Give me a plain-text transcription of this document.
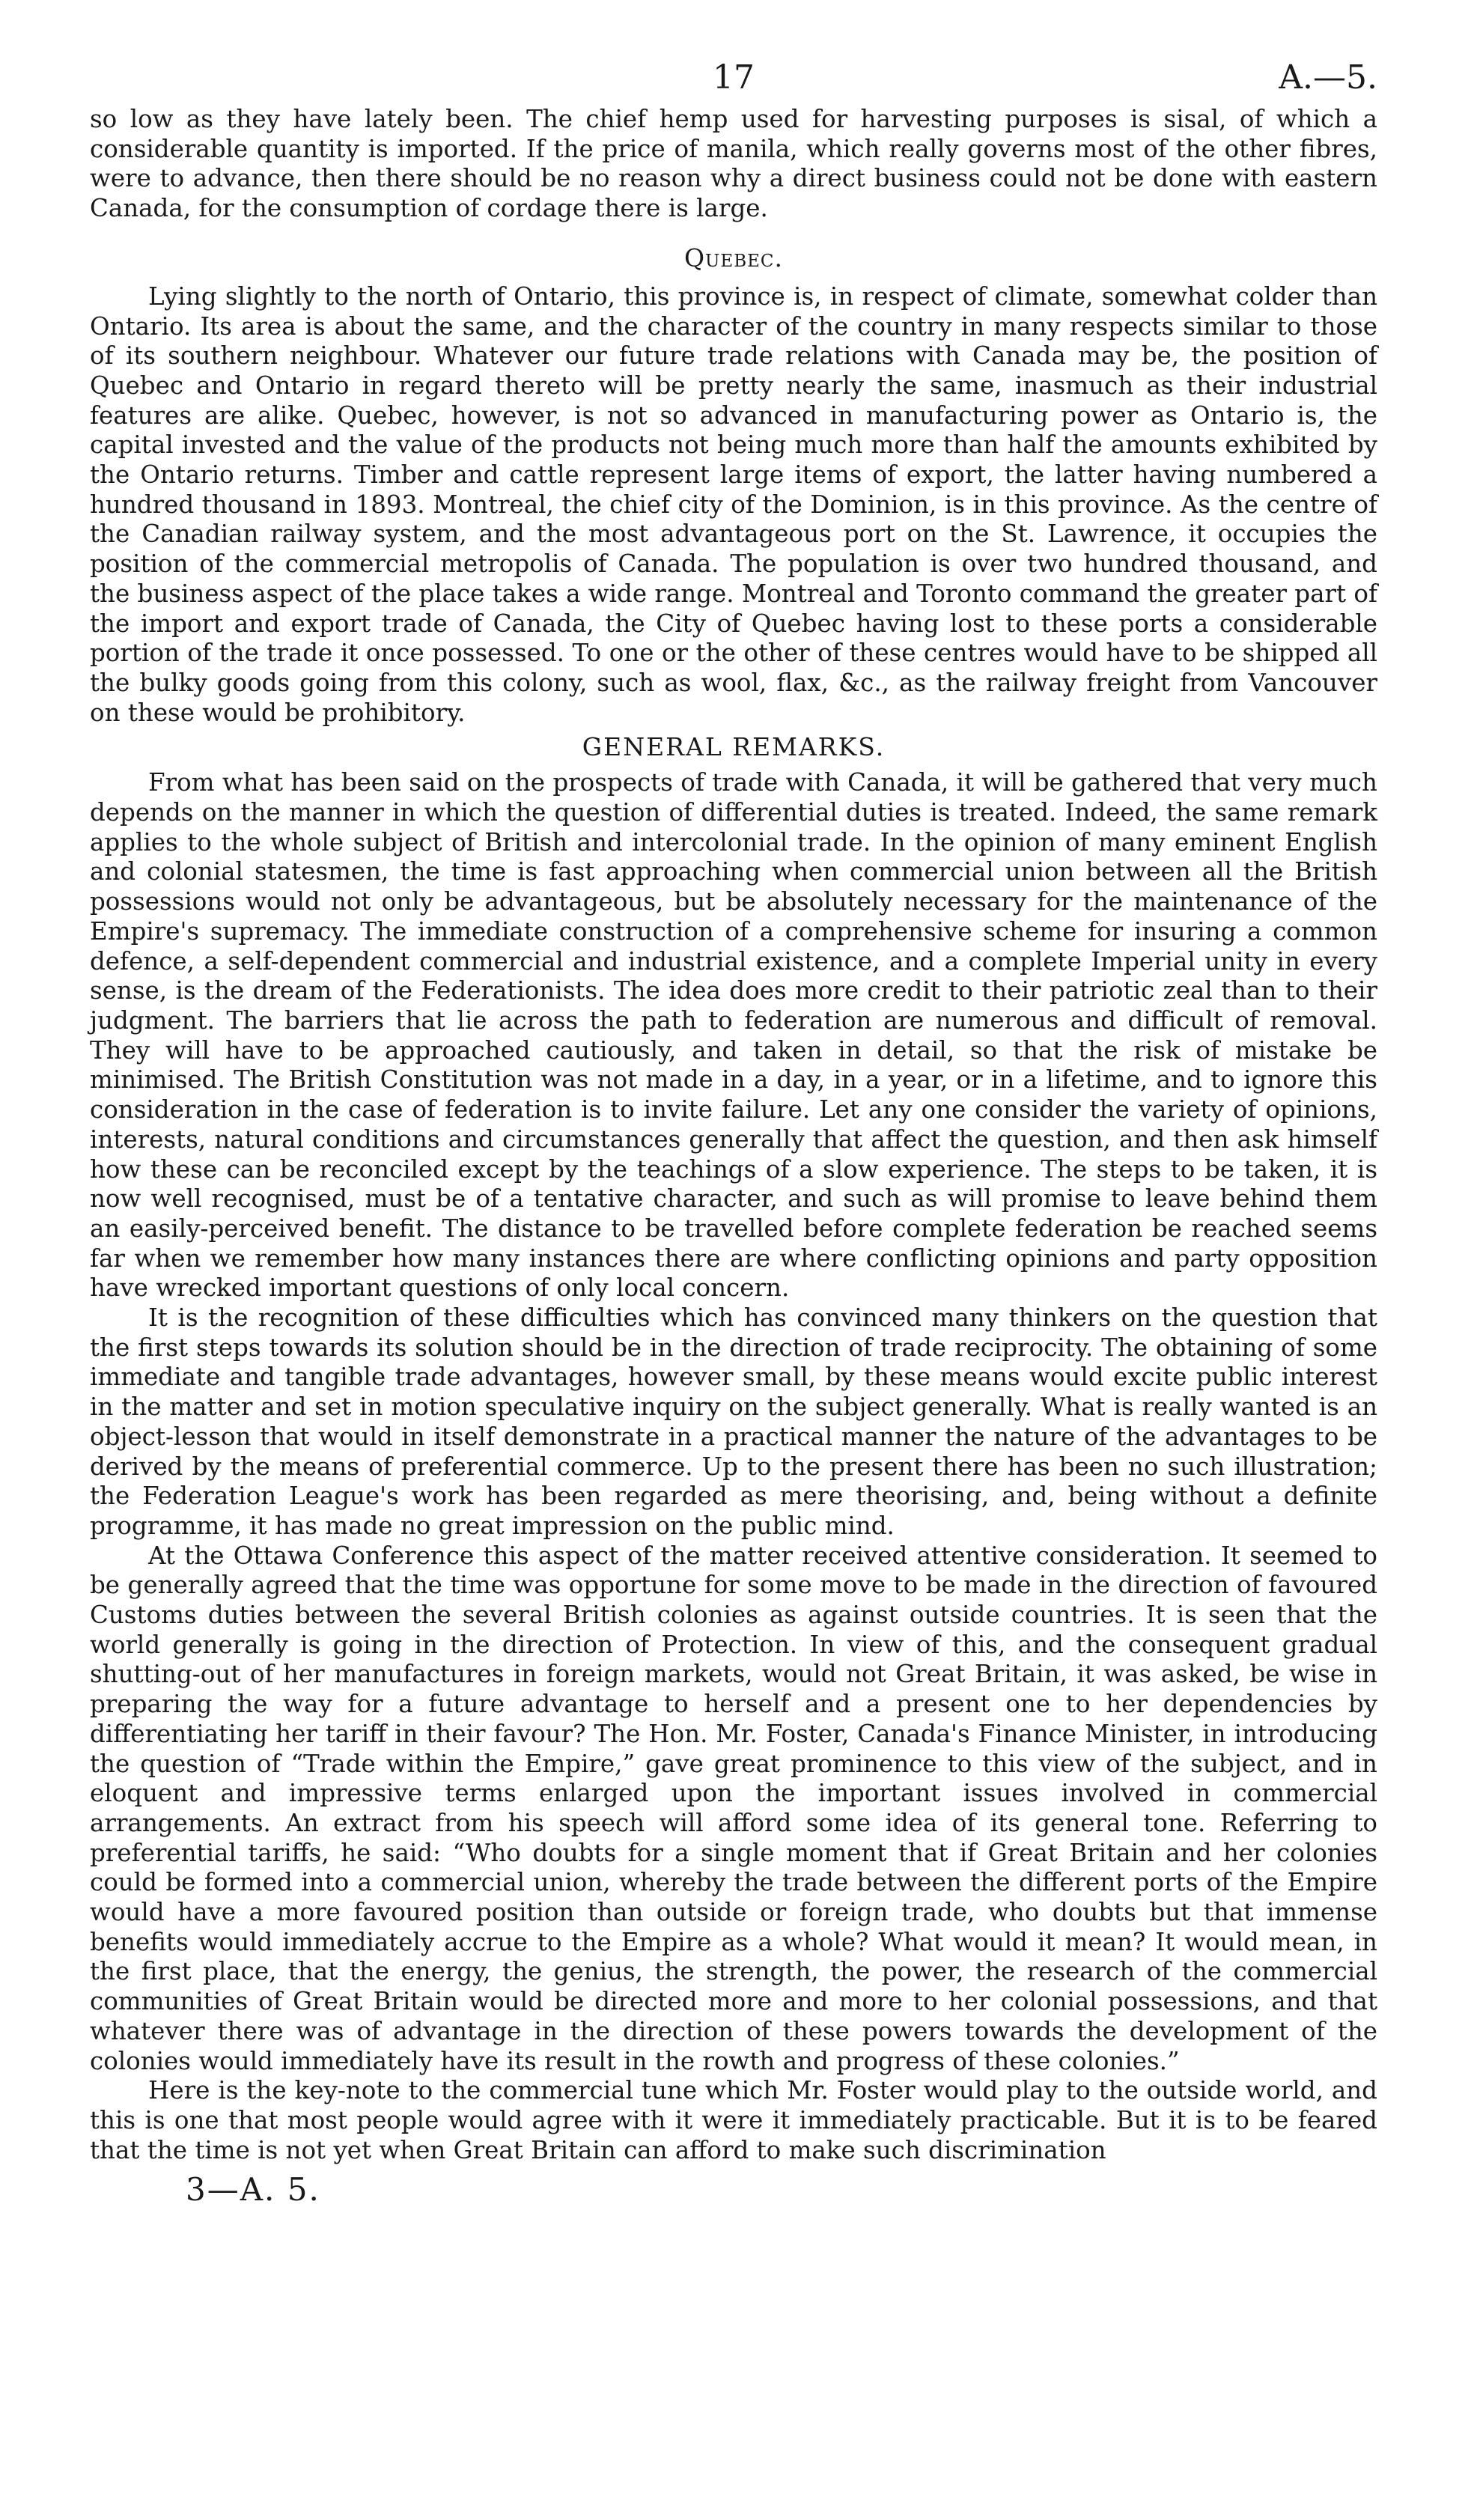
17	A.—5.

so low as they have lately been. The chief hemp used for harvesting purposes is sisal, of which a considerable quantity is imported. If the price of manila, which really governs most of the other fibres, were to advance, then there should be no reason why a direct business could not be done with eastern Canada, for the consumption of cordage there is large.

Quebec.

Lying slightly to the north of Ontario, this province is, in respect of climate, somewhat colder than Ontario. Its area is about the same, and the character of the country in many respects similar to those of its southern neighbour. Whatever our future trade relations with Canada may be, the position of Quebec and Ontario in regard thereto will be pretty nearly the same, inasmuch as their industrial features are alike. Quebec, however, is not so advanced in manufacturing power as Ontario is, the capital invested and the value of the products not being much more than half the amounts exhibited by the Ontario returns. Timber and cattle represent large items of export, the latter having numbered a hundred thousand in 1893. Montreal, the chief city of the Dominion, is in this province. As the centre of the Canadian railway system, and the most advantageous port on the St. Lawrence, it occupies the position of the commercial metropolis of Canada. The population is over two hundred thousand, and the business aspect of the place takes a wide range. Montreal and Toronto command the greater part of the import and export trade of Canada, the City of Quebec having lost to these ports a considerable portion of the trade it once possessed. To one or the other of these centres would have to be shipped all the bulky goods going from this colony, such as wool, flax, &c., as the railway freight from Vancouver on these would be prohibitory.

GENERAL REMARKS.

From what has been said on the prospects of trade with Canada, it will be gathered that very much depends on the manner in which the question of differential duties is treated. Indeed, the same remark applies to the whole subject of British and intercolonial trade. In the opinion of many eminent English and colonial statesmen, the time is fast approaching when commercial union between all the British possessions would not only be advantageous, but be absolutely necessary for the maintenance of the Empire's supremacy. The immediate construction of a comprehensive scheme for insuring a common defence, a self-dependent commercial and industrial existence, and a complete Imperial unity in every sense, is the dream of the Federationists. The idea does more credit to their patriotic zeal than to their judgment. The barriers that lie across the path to federation are numerous and difficult of removal. They will have to be approached cautiously, and taken in detail, so that the risk of mistake be minimised. The British Constitution was not made in a day, in a year, or in a lifetime, and to ignore this consideration in the case of federation is to invite failure. Let any one consider the variety of opinions, interests, natural conditions and circumstances generally that affect the question, and then ask himself how these can be reconciled except by the teachings of a slow experience. The steps to be taken, it is now well recognised, must be of a tentative character, and such as will promise to leave behind them an easily-perceived benefit. The distance to be travelled before complete federation be reached seems far when we remember how many instances there are where conflicting opinions and party opposition have wrecked important questions of only local concern.

It is the recognition of these difficulties which has convinced many thinkers on the question that the first steps towards its solution should be in the direction of trade reciprocity. The obtaining of some immediate and tangible trade advantages, however small, by these means would excite public interest in the matter and set in motion speculative inquiry on the subject generally. What is really wanted is an object-lesson that would in itself demonstrate in a practical manner the nature of the advantages to be derived by the means of preferential commerce. Up to the present there has been no such illustration; the Federation League's work has been regarded as mere theorising, and, being without a definite programme, it has made no great impression on the public mind.

At the Ottawa Conference this aspect of the matter received attentive consideration. It seemed to be generally agreed that the time was opportune for some move to be made in the direction of favoured Customs duties between the several British colonies as against outside countries. It is seen that the world generally is going in the direction of Protection. In view of this, and the consequent gradual shutting-out of her manufactures in foreign markets, would not Great Britain, it was asked, be wise in preparing the way for a future advantage to herself and a present one to her dependencies by differentiating her tariff in their favour? The Hon. Mr. Foster, Canada's Finance Minister, in introducing the question of “Trade within the Empire,” gave great prominence to this view of the subject, and in eloquent and impressive terms enlarged upon the important issues involved in commercial arrangements. An extract from his speech will afford some idea of its general tone. Referring to preferential tariffs, he said: “Who doubts for a single moment that if Great Britain and her colonies could be formed into a commercial union, whereby the trade between the different ports of the Empire would have a more favoured position than outside or foreign trade, who doubts but that immense benefits would immediately accrue to the Empire as a whole? What would it mean? It would mean, in the first place, that the energy, the genius, the strength, the power, the research of the commercial communities of Great Britain would be directed more and more to her colonial possessions, and that whatever there was of advantage in the direction of these powers towards the development of the colonies would immediately have its result in the rowth and progress of these colonies.”

Here is the key-note to the commercial tune which Mr. Foster would play to the outside world, and this is one that most people would agree with it were it immediately practicable. But it is to be feared that the time is not yet when Great Britain can afford to make such discrimination

3—A. 5.
